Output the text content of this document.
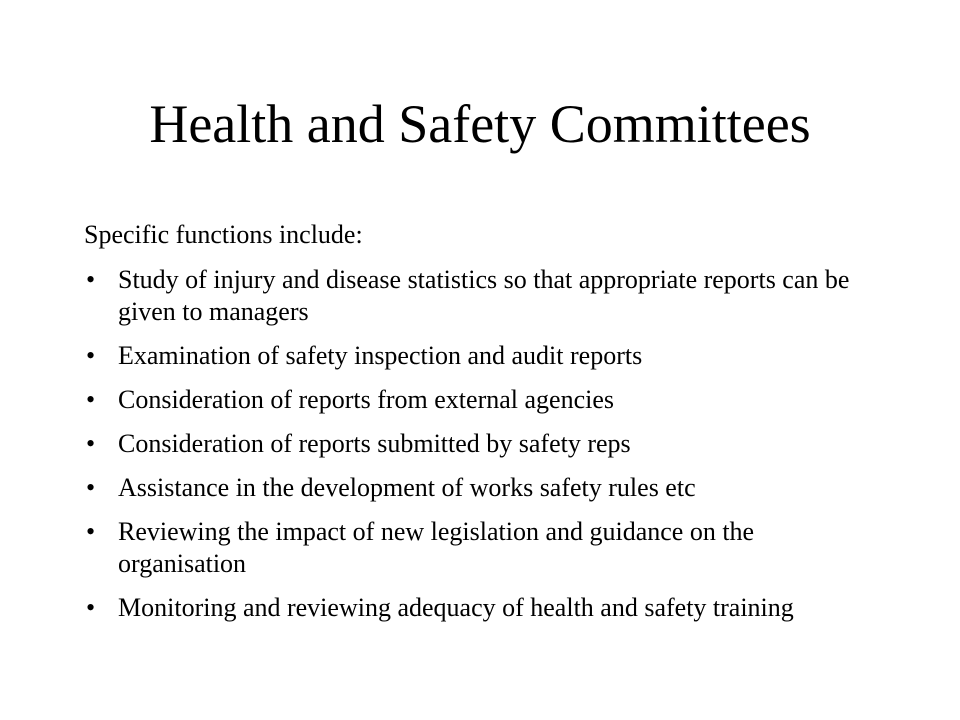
Health and Safety Committees

Specific functions include:

• Study of injury and disease statistics so that appropriate reports can be given to managers
• Examination of safety inspection and audit reports
• Consideration of reports from external agencies
• Consideration of reports submitted by safety reps
• Assistance in the development of works safety rules etc
• Reviewing the impact of new legislation and guidance on the organisation
• Monitoring and reviewing adequacy of health and safety training
